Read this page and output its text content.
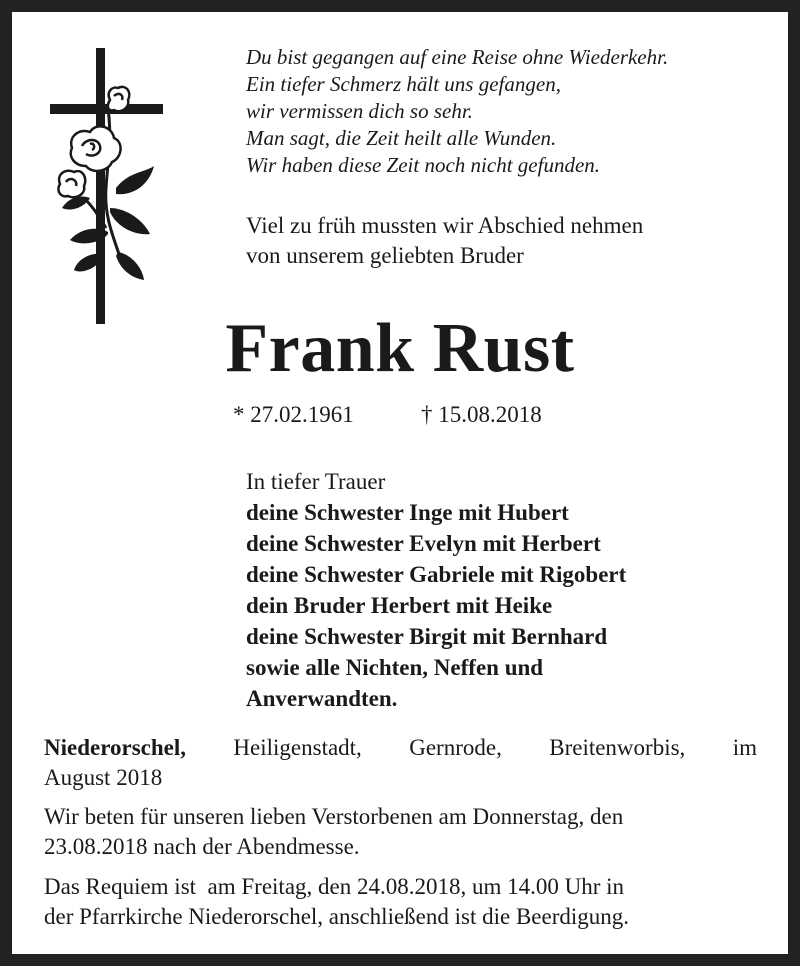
Du bist gegangen auf eine Reise ohne Wiederkehr.
Ein tiefer Schmerz hält uns gefangen,
wir vermissen dich so sehr.
Man sagt, die Zeit heilt alle Wunden.
Wir haben diese Zeit noch nicht gefunden.
Viel zu früh mussten wir Abschied nehmen
von unserem geliebten Bruder
Frank Rust
* 27.02.1961	† 15.08.2018
In tiefer Trauer
deine Schwester Inge mit Hubert
deine Schwester Evelyn mit Herbert
deine Schwester Gabriele mit Rigobert
dein Bruder Herbert mit Heike
deine Schwester Birgit mit Bernhard
sowie alle Nichten, Neffen und
Anverwandten.
Niederorschel, Heiligenstadt, Gernrode, Breitenworbis, im
August 2018
Wir beten für unseren lieben Verstorbenen am Donnerstag, den
23.08.2018 nach der Abendmesse.
Das Requiem ist  am Freitag, den 24.08.2018, um 14.00 Uhr in
der Pfarrkirche Niederorschel, anschließend ist die Beerdigung.
